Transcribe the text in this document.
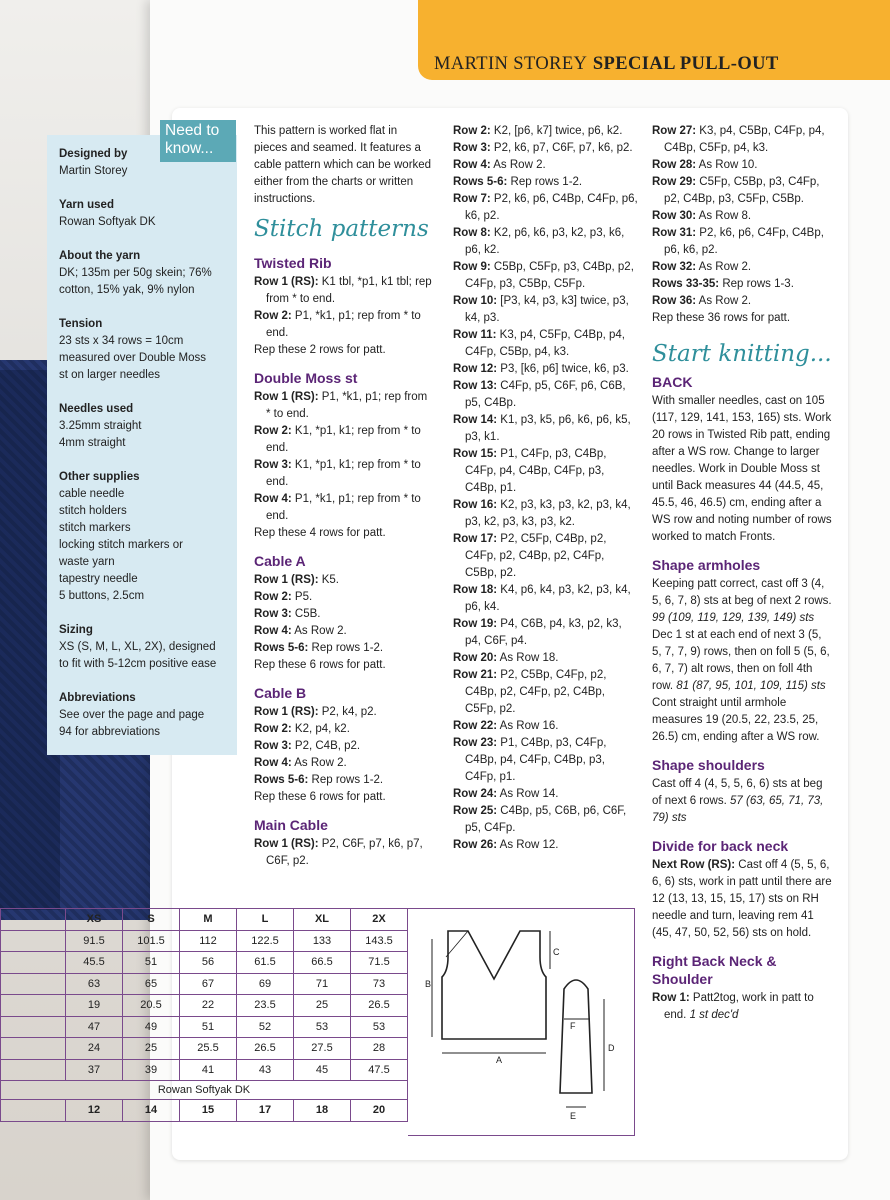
MARTIN STOREY SPECIAL PULL-OUT
Need to know...
Designed by
Martin Storey
Yarn used
Rowan Softyak DK
About the yarn
DK; 135m per 50g skein; 76%
cotton, 15% yak, 9% nylon
Tension
23 sts x 34 rows = 10cm
measured over Double Moss
st on larger needles
Needles used
3.25mm straight
4mm straight
Other supplies
cable needle
stitch holders
stitch markers
locking stitch markers or
waste yarn
tapestry needle
5 buttons, 2.5cm
Sizing
XS (S, M, L, XL, 2X), designed
to fit with 5-12cm positive ease
Abbreviations
See over the page and page
94 for abbreviations

This pattern is worked flat in pieces and seamed. It features a cable pattern which can be worked either from the charts or written instructions.

Stitch patterns

Twisted Rib

Row 1 (RS): K1 tbl, *p1, k1 tbl; rep from * to end.

Row 2: P1, *k1, p1; rep from * to end.

Rep these 2 rows for patt.

Double Moss st

Row 1 (RS): P1, *k1, p1; rep from * to end.

Row 2: K1, *p1, k1; rep from * to end.

Row 3: K1, *p1, k1; rep from * to end.

Row 4: P1, *k1, p1; rep from * to end.

Rep these 4 rows for patt.

Cable A

Row 1 (RS): K5.

Row 2: P5.

Row 3: C5B.

Row 4: As Row 2.

Rows 5-6: Rep rows 1-2.

Rep these 6 rows for patt.

Cable B

Row 1 (RS): P2, k4, p2.

Row 2: K2, p4, k2.

Row 3: P2, C4B, p2.

Row 4: As Row 2.

Rows 5-6: Rep rows 1-2.

Rep these 6 rows for patt.

Main Cable

Row 1 (RS): P2, C6F, p7, k6, p7, C6F, p2.

Row 2: K2, [p6, k7] twice, p6, k2.

Row 3: P2, k6, p7, C6F, p7, k6, p2.

Row 4: As Row 2.

Rows 5-6: Rep rows 1-2.

Row 7: P2, k6, p6, C4Bp, C4Fp, p6, k6, p2.

Row 8: K2, p6, k6, p3, k2, p3, k6, p6, k2.

Row 9: C5Bp, C5Fp, p3, C4Bp, p2, C4Fp, p3, C5Bp, C5Fp.

Row 10: [P3, k4, p3, k3] twice, p3, k4, p3.

Row 11: K3, p4, C5Fp, C4Bp, p4, C4Fp, C5Bp, p4, k3.

Row 12: P3, [k6, p6] twice, k6, p3.

Row 13: C4Fp, p5, C6F, p6, C6B, p5, C4Bp.

Row 14: K1, p3, k5, p6, k6, p6, k5, p3, k1.

Row 15: P1, C4Fp, p3, C4Bp, C4Fp, p4, C4Bp, C4Fp, p3, C4Bp, p1.

Row 16: K2, p3, k3, p3, k2, p3, k4, p3, k2, p3, k3, p3, k2.

Row 17: P2, C5Fp, C4Bp, p2, C4Fp, p2, C4Bp, p2, C4Fp, C5Bp, p2.

Row 18: K4, p6, k4, p3, k2, p3, k4, p6, k4.

Row 19: P4, C6B, p4, k3, p2, k3, p4, C6F, p4.

Row 20: As Row 18.

Row 21: P2, C5Bp, C4Fp, p2, C4Bp, p2, C4Fp, p2, C4Bp, C5Fp, p2.

Row 22: As Row 16.

Row 23: P1, C4Bp, p3, C4Fp, C4Bp, p4, C4Fp, C4Bp, p3, C4Fp, p1.

Row 24: As Row 14.

Row 25: C4Bp, p5, C6B, p6, C6F, p5, C4Fp.

Row 26: As Row 12.

Row 27: K3, p4, C5Bp, C4Fp, p4, C4Bp, C5Fp, p4, k3.

Row 28: As Row 10.

Row 29: C5Fp, C5Bp, p3, C4Fp, p2, C4Bp, p3, C5Fp, C5Bp.

Row 30: As Row 8.

Row 31: P2, k6, p6, C4Fp, C4Bp, p6, k6, p2.

Row 32: As Row 2.

Rows 33-35: Rep rows 1-3.

Row 36: As Row 2.

Rep these 36 rows for patt.

Start knitting...

BACK

With smaller needles, cast on 105 (117, 129, 141, 153, 165) sts. Work 20 rows in Twisted Rib patt, ending after a WS row. Change to larger needles. Work in Double Moss st until Back measures 44 (44.5, 45, 45.5, 46, 46.5) cm, ending after a WS row and noting number of rows worked to match Fronts.

Shape armholes

Keeping patt correct, cast off 3 (4, 5, 6, 7, 8) sts at beg of next 2 rows. 99 (109, 119, 129, 139, 149) sts

Dec 1 st at each end of next 3 (5, 5, 7, 7, 9) rows, then on foll 5 (5, 6, 6, 7, 7) alt rows, then on foll 4th row. 81 (87, 95, 101, 109, 115) sts

Cont straight until armhole measures 19 (20.5, 22, 23.5, 25, 26.5) cm, ending after a WS row.

Shape shoulders

Cast off 4 (4, 5, 5, 6, 6) sts at beg of next 6 rows. 57 (63, 65, 71, 73, 79) sts

Divide for back neck

Next Row (RS): Cast off 4 (5, 5, 6, 6, 6) sts, work in patt until there are 12 (13, 13, 15, 15, 17) sts on RH needle and turn, leaving rem 41 (45, 47, 50, 52, 56) sts on hold.

Right Back Neck & Shoulder

Row 1: Patt2tog, work in patt to end. 1 st dec'd

	XS	S	M	L	XL	2X
	91.5	101.5	112	122.5	133	143.5
	45.5	51	56	61.5	66.5	71.5
	63	65	67	69	71	73
	19	20.5	22	23.5	25	26.5
	47	49	51	52	53	53
	24	25	25.5	26.5	27.5	28
	37	39	41	43	45	47.5
Rowan Softyak DK						
	12	14	15	17	18	20
A
B
C
D
E
F
